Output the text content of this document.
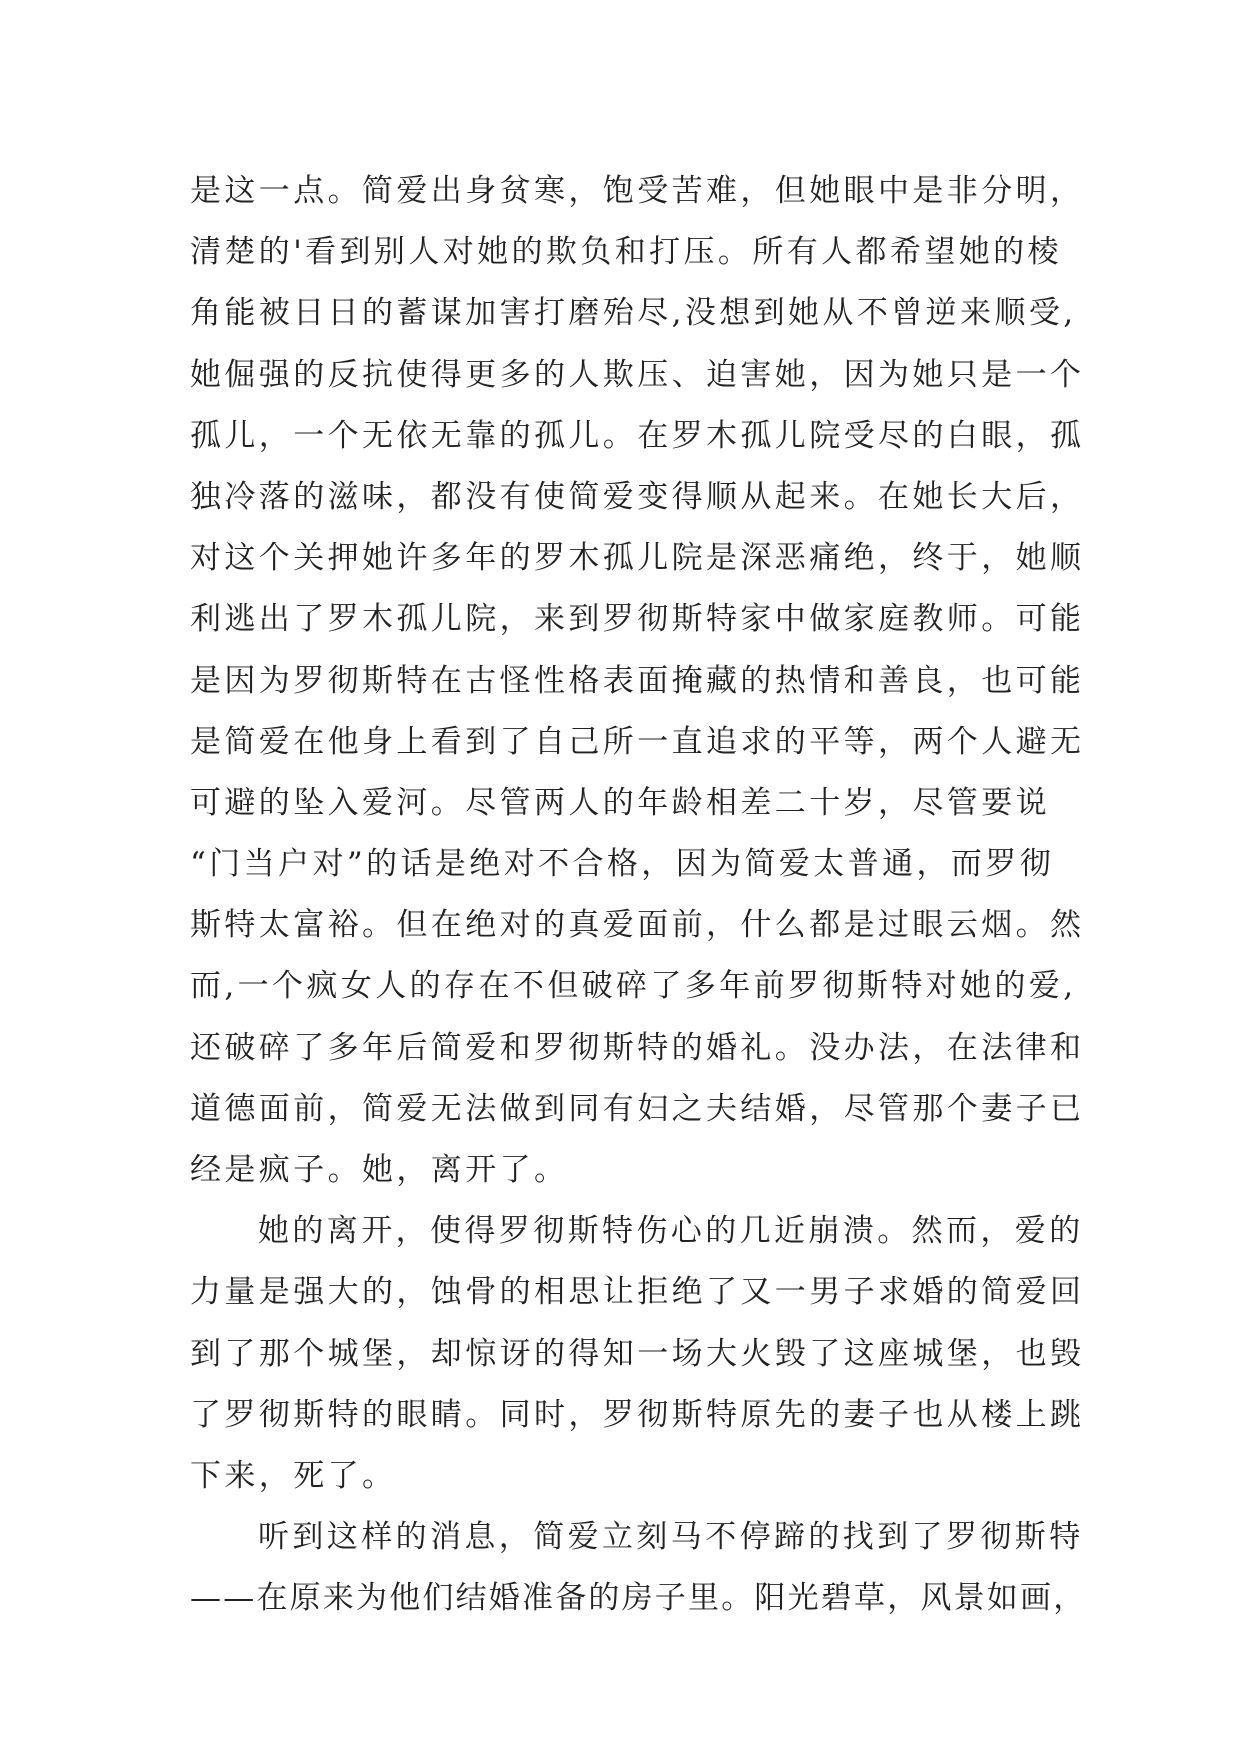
是这一点。简爱出身贫寒，饱受苦难，但她眼中是非分明，
清楚的'看到别人对她的欺负和打压。所有人都希望她的棱
角能被日日的蓄谋加害打磨殆尽,没想到她从不曾逆来顺受,
她倔强的反抗使得更多的人欺压、迫害她，因为她只是一个
孤儿，一个无依无靠的孤儿。在罗木孤儿院受尽的白眼，孤
独冷落的滋味，都没有使简爱变得顺从起来。在她长大后，
对这个关押她许多年的罗木孤儿院是深恶痛绝，终于，她顺
利逃出了罗木孤儿院，来到罗彻斯特家中做家庭教师。可能
是因为罗彻斯特在古怪性格表面掩藏的热情和善良，也可能
是简爱在他身上看到了自己所一直追求的平等，两个人避无
可避的坠入爱河。尽管两人的年龄相差二十岁，尽管要说
“门当户对”的话是绝对不合格，因为简爱太普通，而罗彻
斯特太富裕。但在绝对的真爱面前，什么都是过眼云烟。然
而,一个疯女人的存在不但破碎了多年前罗彻斯特对她的爱,
还破碎了多年后简爱和罗彻斯特的婚礼。没办法，在法律和
道德面前，简爱无法做到同有妇之夫结婚，尽管那个妻子已
经是疯子。她，离开了。
她的离开，使得罗彻斯特伤心的几近崩溃。然而，爱的
力量是强大的，蚀骨的相思让拒绝了又一男子求婚的简爱回
到了那个城堡，却惊讶的得知一场大火毁了这座城堡，也毁
了罗彻斯特的眼睛。同时，罗彻斯特原先的妻子也从楼上跳
下来，死了。
听到这样的消息，简爱立刻马不停蹄的找到了罗彻斯特
——在原来为他们结婚准备的房子里。阳光碧草，风景如画，
